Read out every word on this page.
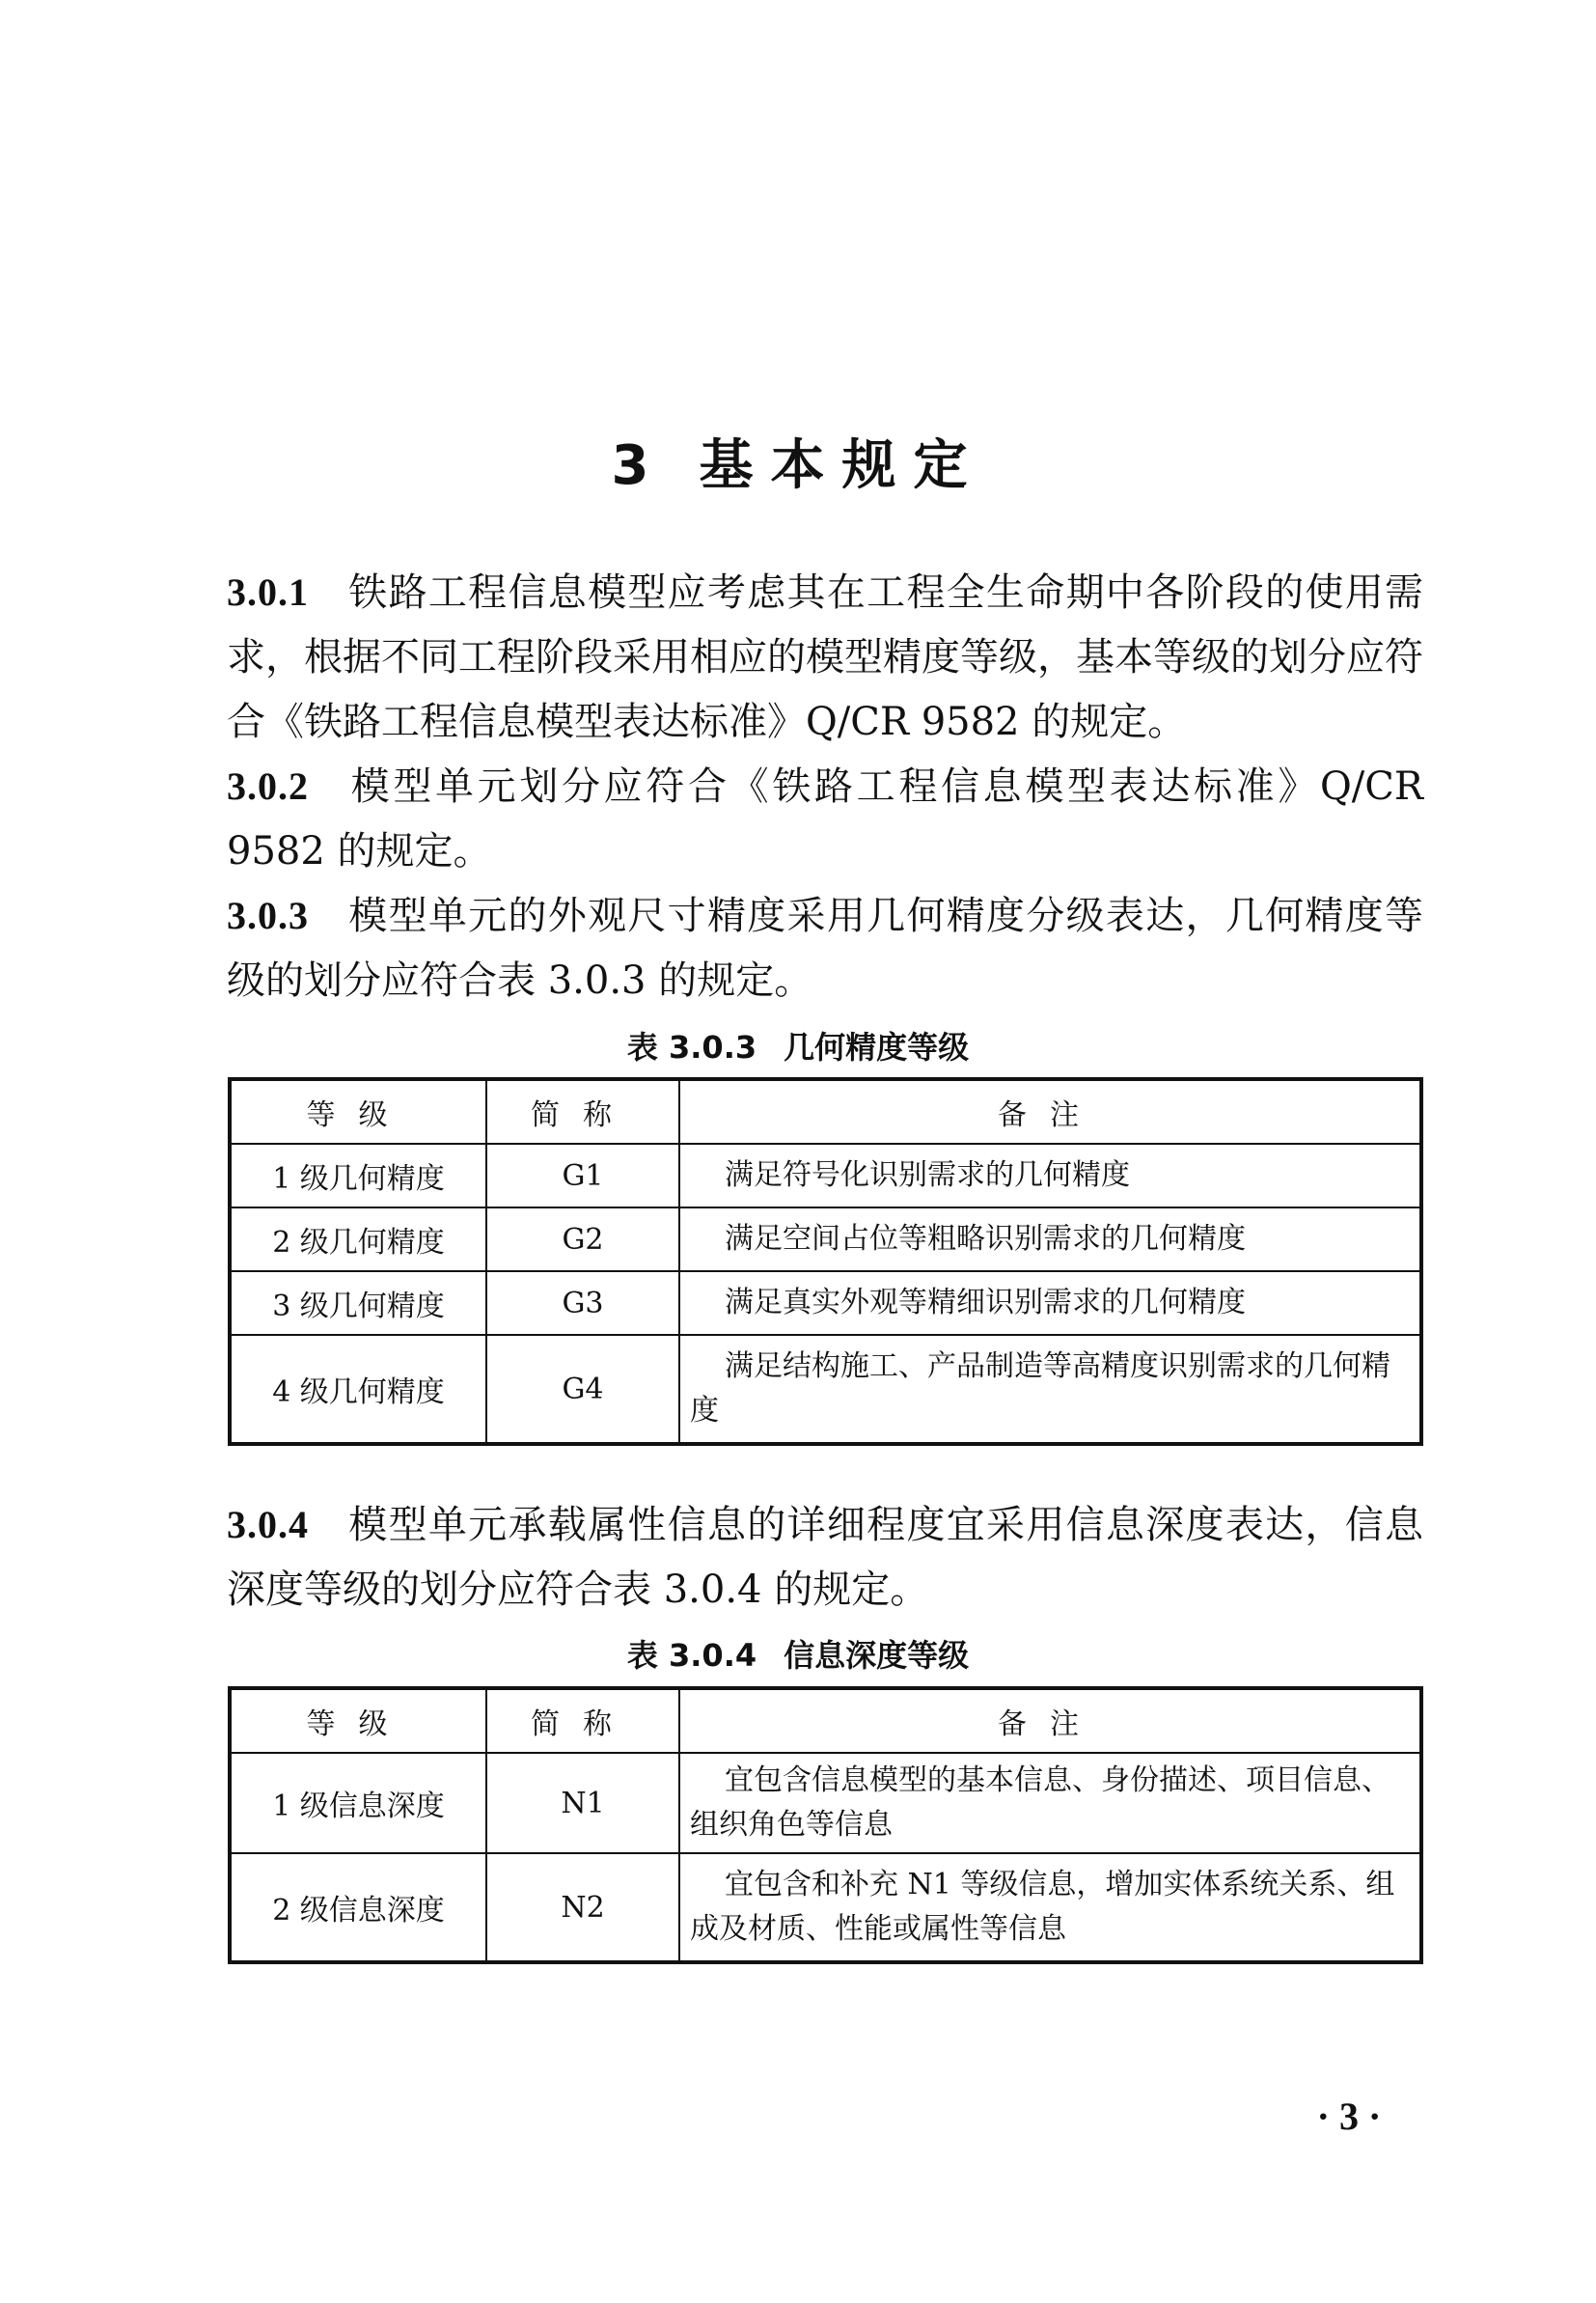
3 基本规定
3.0.1 铁路工程信息模型应考虑其在工程全生命期中各阶段的使用需求，根据不同工程阶段采用相应的模型精度等级，基本等级的划分应符合《铁路工程信息模型表达标准》Q/CR 9582 的规定。
3.0.2 模型单元划分应符合《铁路工程信息模型表达标准》Q/CR 9582 的规定。
3.0.3 模型单元的外观尺寸精度采用几何精度分级表达，几何精度等级的划分应符合表 3.0.3 的规定。
表 3.0.3 几何精度等级
等级	简称	备注
1 级几何精度	G1	满足符号化识别需求的几何精度
2 级几何精度	G2	满足空间占位等粗略识别需求的几何精度
3 级几何精度	G3	满足真实外观等精细识别需求的几何精度
4 级几何精度	G4	满足结构施工、产品制造等高精度识别需求的几何精度
3.0.4 模型单元承载属性信息的详细程度宜采用信息深度表达，信息深度等级的划分应符合表 3.0.4 的规定。
表 3.0.4 信息深度等级
等级	简称	备注
1 级信息深度	N1	宜包含信息模型的基本信息、身份描述、项目信息、组织角色等信息
2 级信息深度	N2	宜包含和补充 N1 等级信息，增加实体系统关系、组成及材质、性能或属性等信息
· 3 ·
